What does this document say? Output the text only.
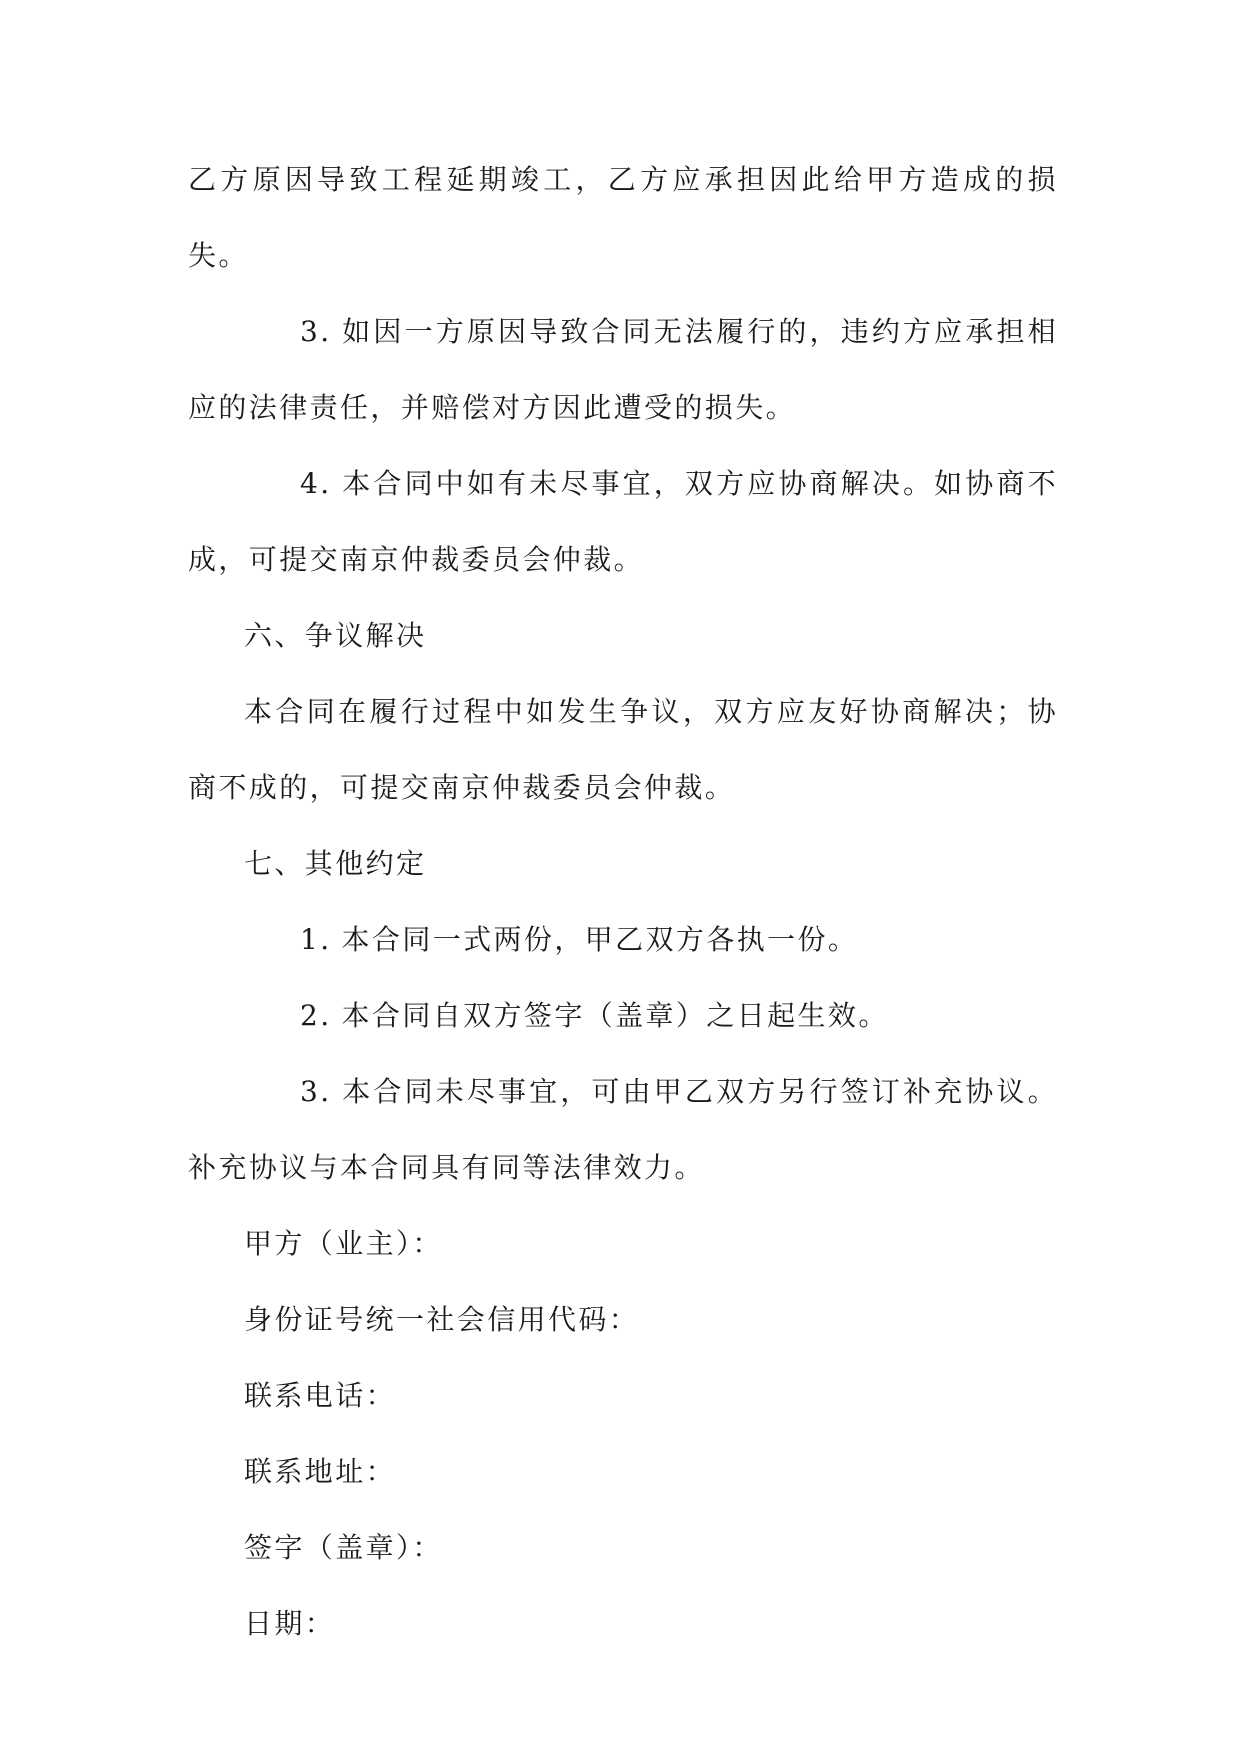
乙方原因导致工程延期竣工，乙方应承担因此给甲方造成的损失。

3. 如因一方原因导致合同无法履行的，违约方应承担相应的法律责任，并赔偿对方因此遭受的损失。

4. 本合同中如有未尽事宜，双方应协商解决。如协商不成，可提交南京仲裁委员会仲裁。

六、争议解决

本合同在履行过程中如发生争议，双方应友好协商解决；协商不成的，可提交南京仲裁委员会仲裁。

七、其他约定

1. 本合同一式两份，甲乙双方各执一份。

2. 本合同自双方签字（盖章）之日起生效。

3. 本合同未尽事宜，可由甲乙双方另行签订补充协议。补充协议与本合同具有同等法律效力。

甲方（业主）：

身份证号统一社会信用代码：

联系电话：

联系地址：

签字（盖章）：

日期：
